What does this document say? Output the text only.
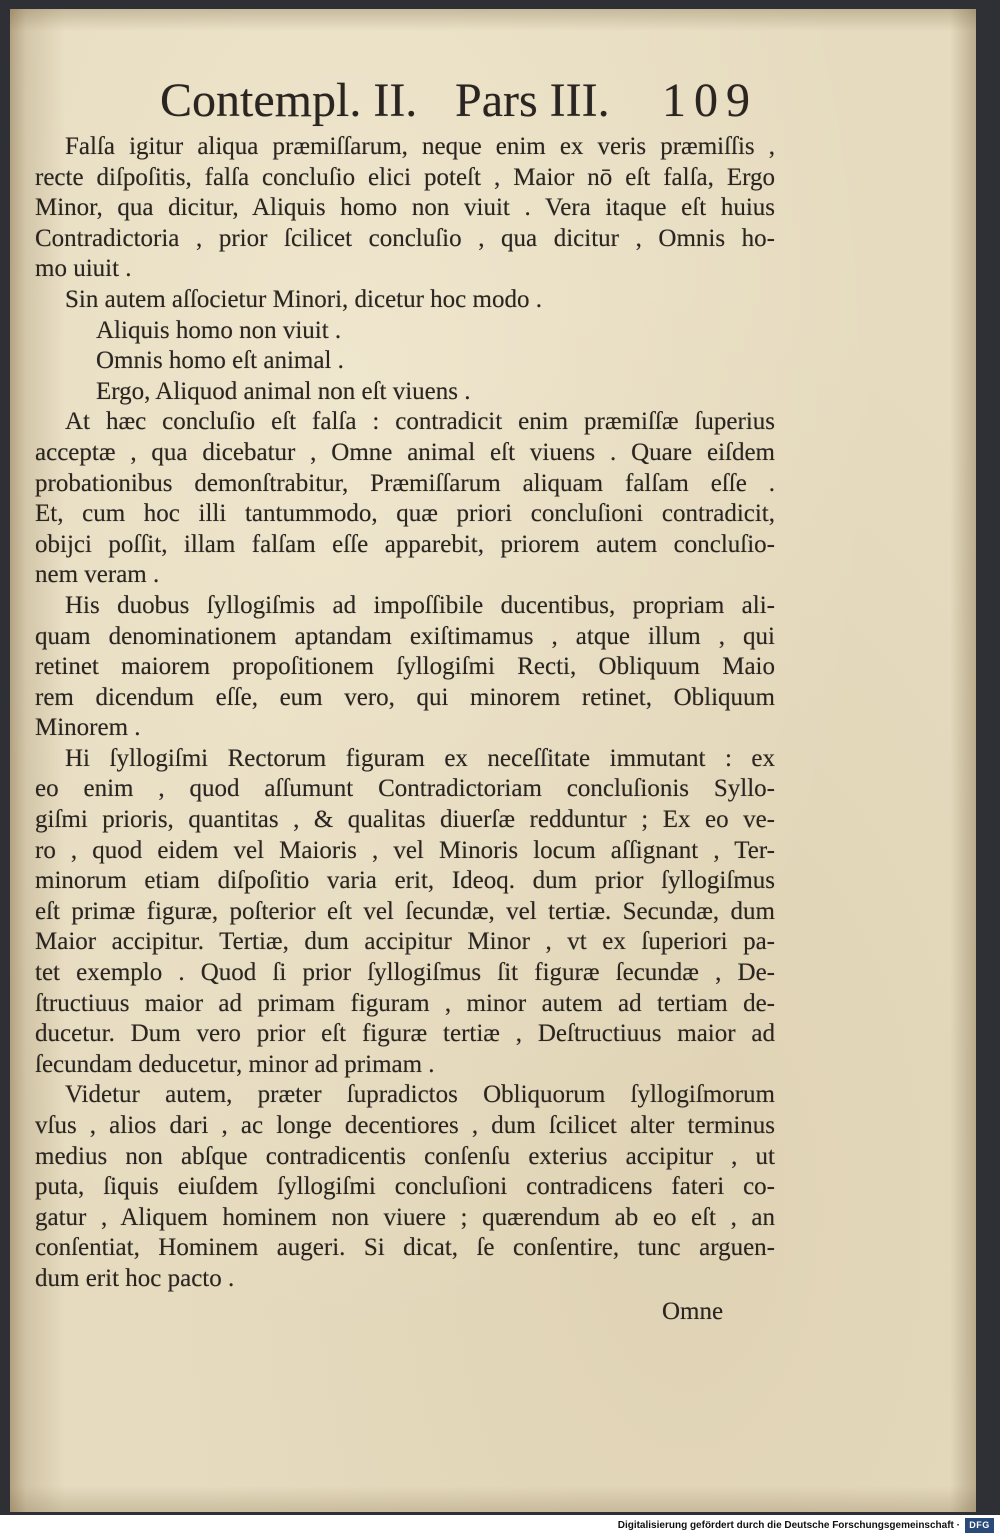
Contempl. II. Pars III. 109
Falſa igitur aliqua præmiſſarum, neque enim ex veris præmiſſis ,
recte diſpoſitis, falſa concluſio elici poteſt , Maior nō eſt falſa, Ergo
Minor, qua dicitur, Aliquis homo non viuit . Vera itaque eſt huius
Contradictoria , prior ſcilicet concluſio , qua dicitur , Omnis ho-
mo uiuit .
Sin autem aſſocietur Minori, dicetur hoc modo .
Aliquis homo non viuit .
Omnis homo eſt animal .
Ergo, Aliquod animal non eſt viuens .
At hæc concluſio eſt falſa : contradicit enim præmiſſæ ſuperius
acceptæ , qua dicebatur , Omne animal eſt viuens . Quare eiſdem
probationibus demonſtrabitur, Præmiſſarum aliquam falſam eſſe .
Et, cum hoc illi tantummodo, quæ priori concluſioni contradicit,
obijci poſſit, illam falſam eſſe apparebit, priorem autem concluſio-
nem veram .
His duobus ſyllogiſmis ad impoſſibile ducentibus, propriam ali-
quam denominationem aptandam exiſtimamus , atque illum , qui
retinet maiorem propoſitionem ſyllogiſmi Recti, Obliquum Maio
rem dicendum eſſe, eum vero, qui minorem retinet, Obliquum
Minorem .
Hi ſyllogiſmi Rectorum figuram ex neceſſitate immutant : ex
eo enim , quod aſſumunt Contradictoriam concluſionis Syllo-
giſmi prioris, quantitas , & qualitas diuerſæ redduntur ; Ex eo ve-
ro , quod eidem vel Maioris , vel Minoris locum aſſignant , Ter-
minorum etiam diſpoſitio varia erit, Ideoq. dum prior ſyllogiſmus
eſt primæ figuræ, poſterior eſt vel ſecundæ, vel tertiæ. Secundæ, dum
Maior accipitur. Tertiæ, dum accipitur Minor , vt ex ſuperiori pa-
tet exemplo . Quod ſi prior ſyllogiſmus ſit figuræ ſecundæ , De-
ſtructiuus maior ad primam figuram , minor autem ad tertiam de-
ducetur. Dum vero prior eſt figuræ tertiæ , Deſtructiuus maior ad
ſecundam deducetur, minor ad primam .
Videtur autem, præter ſupradictos Obliquorum ſyllogiſmorum
vſus , alios dari , ac longe decentiores , dum ſcilicet alter terminus
medius non abſque contradicentis conſenſu exterius accipitur , ut
puta, ſiquis eiuſdem ſyllogiſmi concluſioni contradicens fateri co-
gatur , Aliquem hominem non viuere ; quærendum ab eo eſt , an
conſentiat, Hominem augeri. Si dicat, ſe conſentire, tunc arguen-
dum erit hoc pacto .
Omne
Digitalisierung gefördert durch die Deutsche Forschungsgemeinschaft ·	DFG
